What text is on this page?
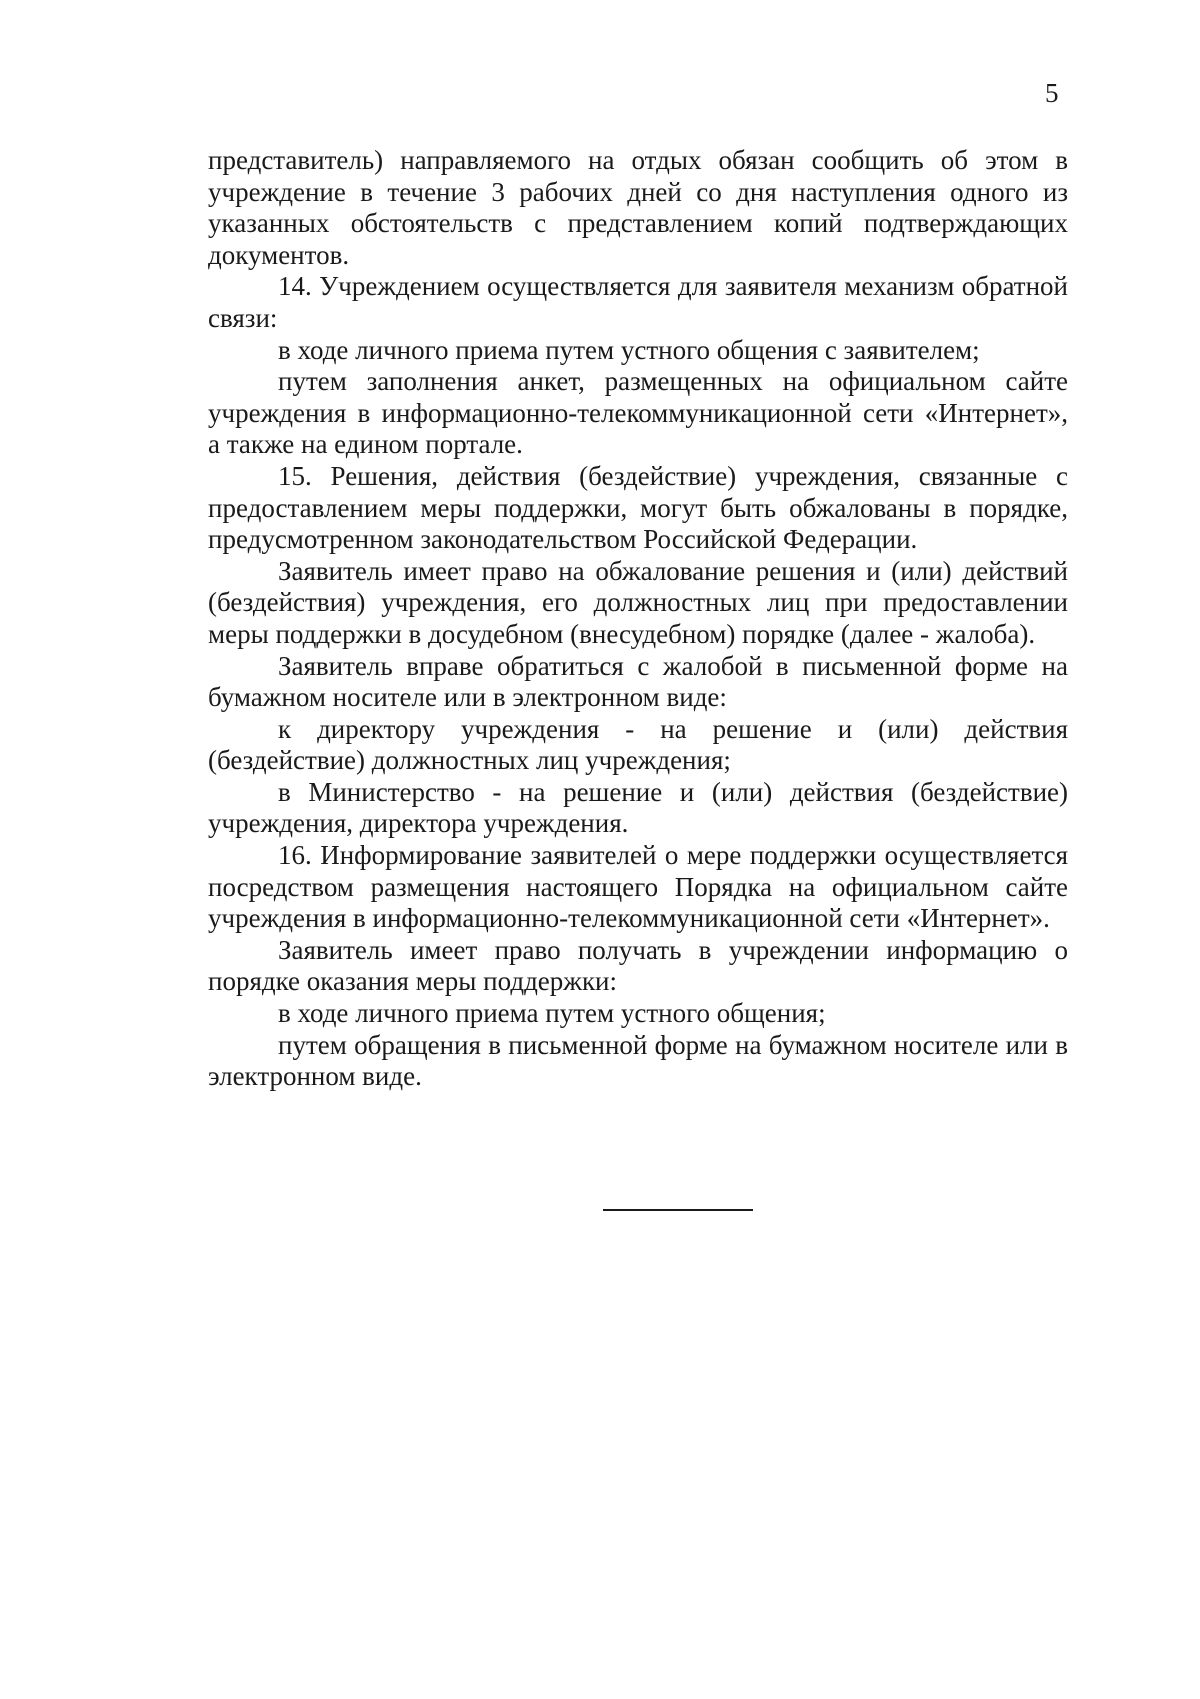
5

представитель) направляемого на отдых обязан сообщить об этом в учреждение в течение 3 рабочих дней со дня наступления одного из указанных обстоятельств с представлением копий подтверждающих документов.

14. Учреждением осуществляется для заявителя механизм обратной связи:

в ходе личного приема путем устного общения с заявителем;

путем заполнения анкет, размещенных на официальном сайте учреждения в информационно-телекоммуникационной сети «Интернет», а также на едином портале.

15. Решения, действия (бездействие) учреждения, связанные с предоставлением меры поддержки, могут быть обжалованы в порядке, предусмотренном законодательством Российской Федерации.

Заявитель имеет право на обжалование решения и (или) действий (бездействия) учреждения, его должностных лиц при предоставлении меры поддержки в досудебном (внесудебном) порядке (далее - жалоба).

Заявитель вправе обратиться с жалобой в письменной форме на бумажном носителе или в электронном виде:

к директору учреждения - на решение и (или) действия (бездействие) должностных лиц учреждения;

в Министерство - на решение и (или) действия (бездействие) учреждения, директора учреждения.

16. Информирование заявителей о мере поддержки осуществляется посредством размещения настоящего Порядка на официальном сайте учреждения в информационно-телекоммуникационной сети «Интернет».

Заявитель имеет право получать в учреждении информацию о порядке оказания меры поддержки:

в ходе личного приема путем устного общения;

путем обращения в письменной форме на бумажном носителе или в электронном виде.
